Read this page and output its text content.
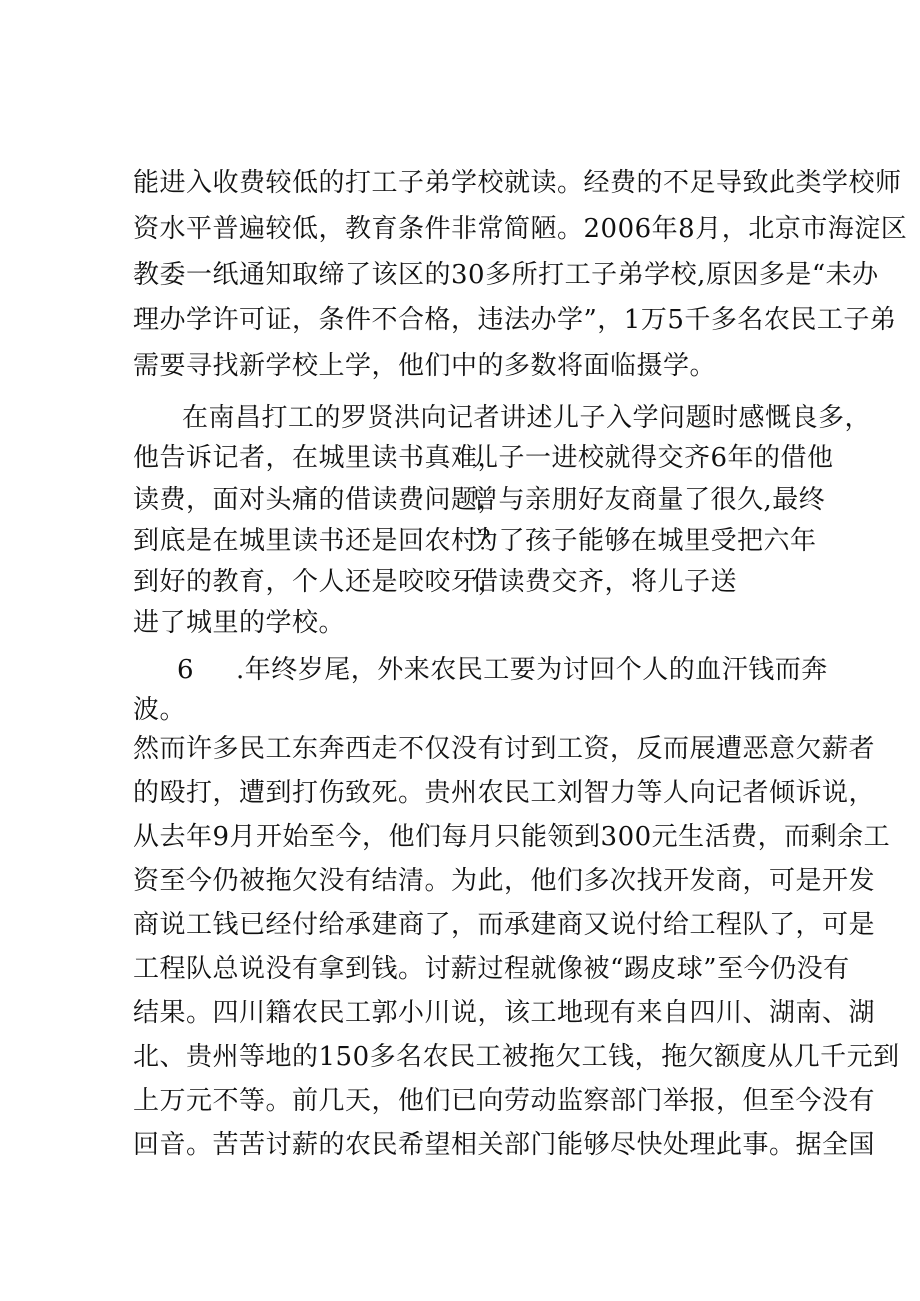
能进入收费较低的打工子弟学校就读。经费的不足导致此类学校师
资水平普遍较低，教育条件非常简陋。2006年8月，北京市海淀区
教委一纸通知取缔了该区的30多所打工子弟学校,原因多是“未办
理办学许可证，条件不合格，违法办学”，1万5千多名农民工子弟
需要寻找新学校上学，他们中的多数将面临摄学。
在南昌打工的罗贤洪向记者讲述儿子入学问题时感慨良多，
他告诉记者，在城里读书真难，
儿子一进校就得交齐6年的借他
读费，面对头痛的借读费问题，
曾与亲朋好友商量了很久,最终
到底是在城里读书还是回农村？
为了孩子能够在城里受把六年
到好的教育，个人还是咬咬牙，
借读费交齐，将儿子送
进了城里的学校。
6 .年终岁尾，外来农民工要为讨回个人的血汗钱而奔
波。
然而许多民工东奔西走不仅没有讨到工资，反而展遭恶意欠薪者
的殴打，遭到打伤致死。贵州农民工刘智力等人向记者倾诉说，
从去年9月开始至今，他们每月只能领到300元生活费，而剩余工
资至今仍被拖欠没有结清。为此，他们多次找开发商，可是开发
商说工钱已经付给承建商了，而承建商又说付给工程队了，可是
工程队总说没有拿到钱。讨薪过程就像被“踢皮球”至今仍没有
结果。四川籍农民工郭小川说，该工地现有来自四川、湖南、湖
北、贵州等地的150多名农民工被拖欠工钱，拖欠额度从几千元到
上万元不等。前几天，他们已向劳动监察部门举报，但至今没有
回音。苦苦讨薪的农民希望相关部门能够尽快处理此事。据全国
